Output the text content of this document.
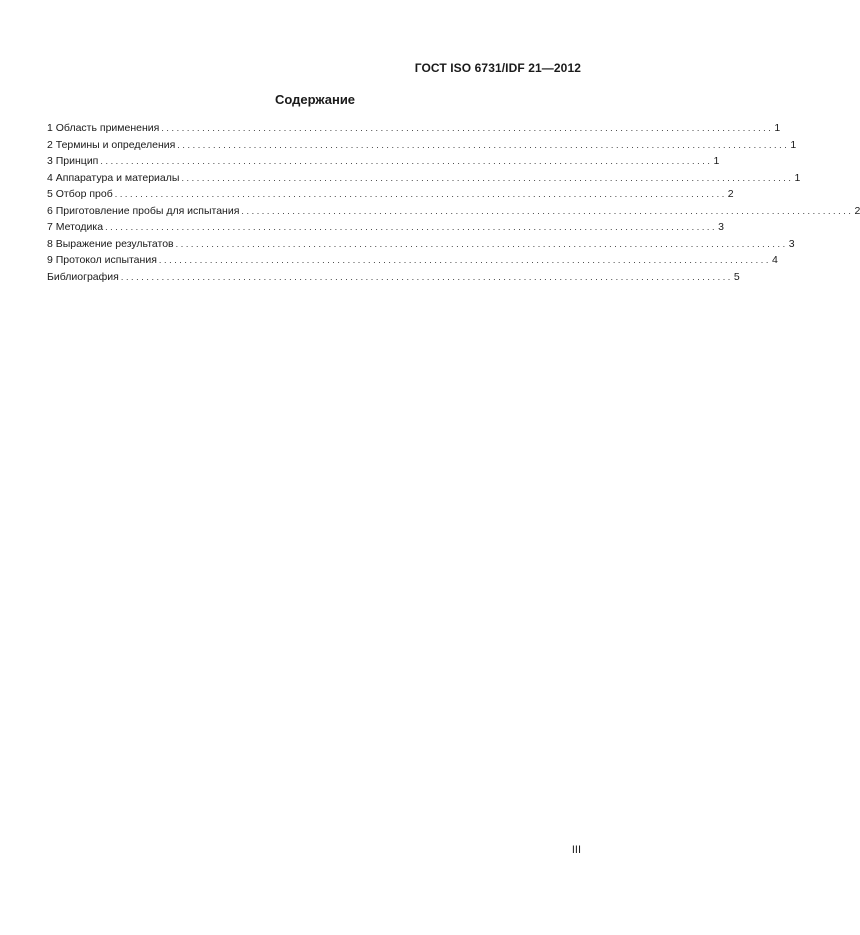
ГОСТ ISO 6731/IDF 21—2012
Содержание
1 Область применения ........................................................................................................................ 1
2 Термины и определения ........................................................................................................................ 1
3 Принцип ........................................................................................................................ 1
4 Аппаратура и материалы ........................................................................................................................ 1
5 Отбор проб ........................................................................................................................ 2
6 Приготовление пробы для испытания ........................................................................................................................ 2
7 Методика ........................................................................................................................ 3
8 Выражение результатов ........................................................................................................................ 3
9 Протокол испытания ........................................................................................................................ 4
Библиография ........................................................................................................................ 5
III
